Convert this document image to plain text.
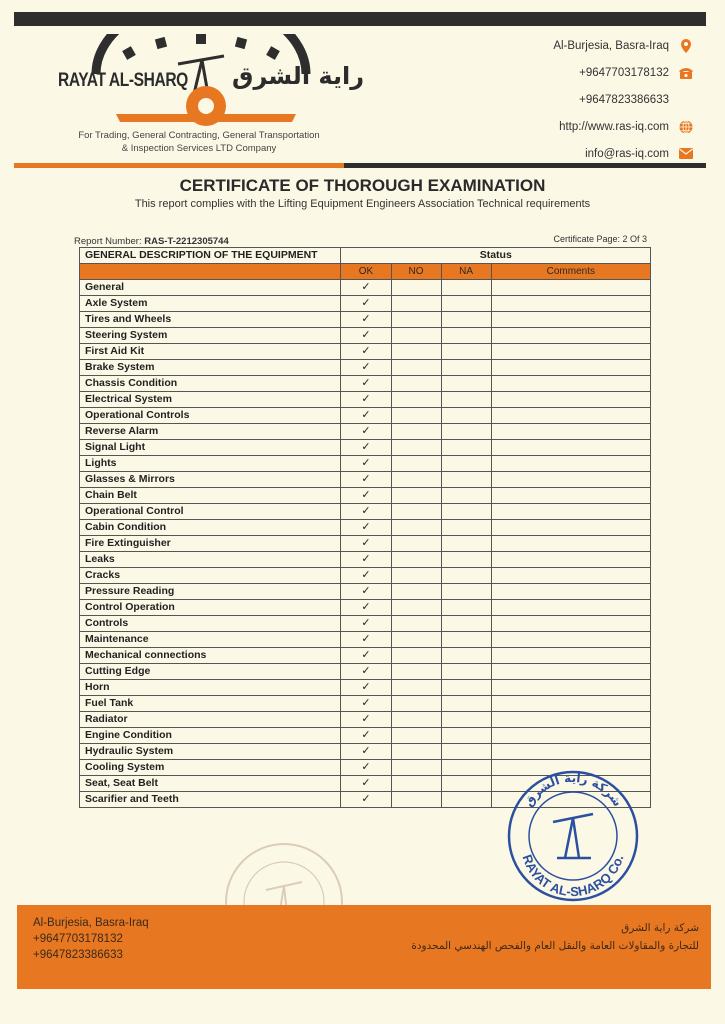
RAYAT AL-SHARQ راية الشرق
For Trading, General Contracting, General Transportation
& Inspection Services LTD Company
Al-Burjesia, Basra-Iraq
+9647703178132
+9647823386633
http://www.ras-iq.com
info@ras-iq.com
CERTIFICATE OF THOROUGH EXAMINATION
This report complies with the Lifting Equipment Engineers Association Technical requirements
Report Number: RAS-T-2212305744	Certificate Page: 2 Of 3
GENERAL DESCRIPTION OF THE EQUIPMENT	Status			
	OK	NO	NA	Comments
General	✓			
Axle System	✓			
Tires and Wheels	✓			
Steering System	✓			
First Aid Kit	✓			
Brake System	✓			
Chassis Condition	✓			
Electrical System	✓			
Operational Controls	✓			
Reverse Alarm	✓			
Signal Light	✓			
Lights	✓			
Glasses & Mirrors	✓			
Chain Belt	✓			
Operational Control	✓			
Cabin Condition	✓			
Fire Extinguisher	✓			
Leaks	✓			
Cracks	✓			
Pressure Reading	✓			
Control Operation	✓			
Controls	✓			
Maintenance	✓			
Mechanical connections	✓			
Cutting Edge	✓			
Horn	✓			
Fuel Tank	✓			
Radiator	✓			
Engine Condition	✓			
Hydraulic System	✓			
Cooling System	✓			
Seat, Seat Belt	✓			
Scarifier and Teeth	✓			
RAYAT AL-SHARQ Co.
شركة راية الشرق
Al-Burjesia, Basra-Iraq
+9647703178132
+9647823386633
شركة راية الشرق
للتجارة والمقاولات العامة والنقل العام والفحص الهندسي المحدودة
